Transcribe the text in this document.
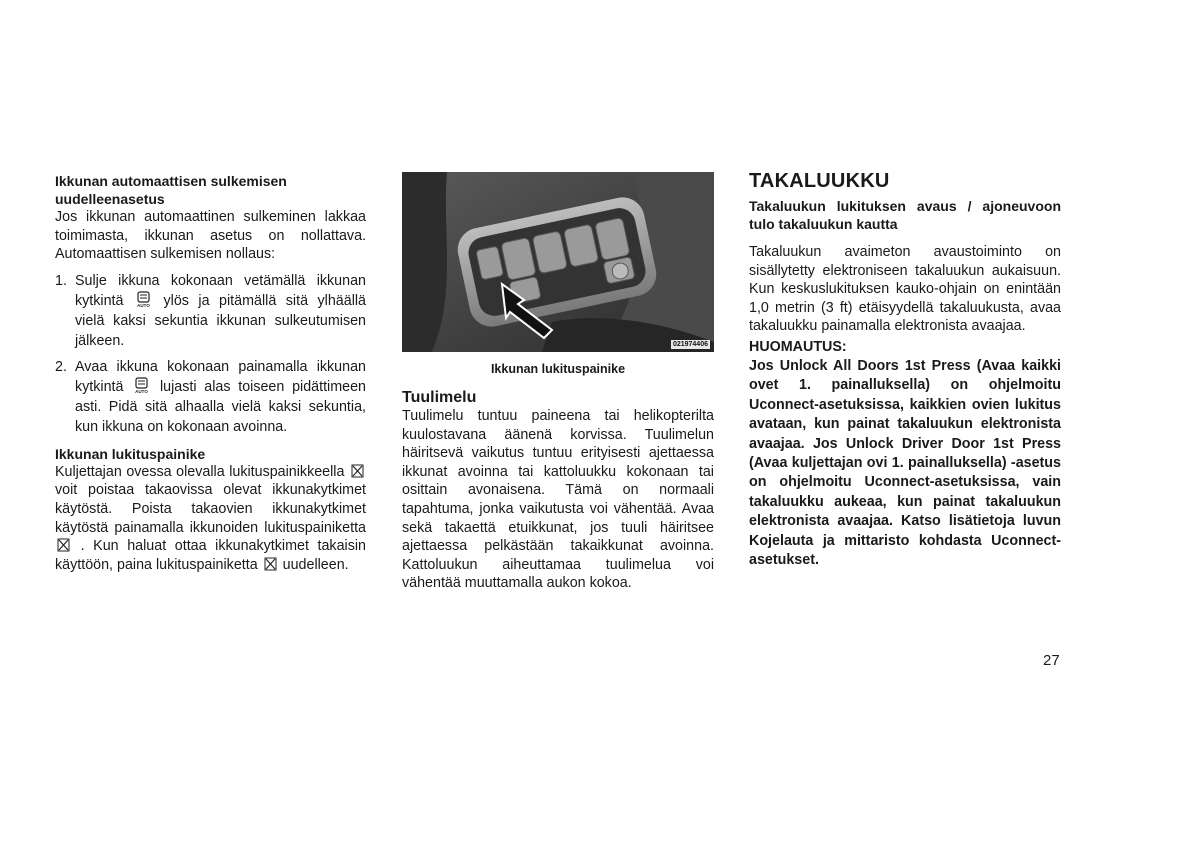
Ikkunan automaattisen sulkemisen uudelleenasetus

Jos ikkunan automaattinen sulkeminen lakkaa toimimasta, ikkunan asetus on nollattava. Automaattisen sulkemisen nollaus:

1. Sulje ikkuna kokonaan vetämällä ikkunan kytkintä	AUTO ylös ja pitämällä sitä ylhäällä vielä kaksi sekuntia ikkunan sulkeutumisen jälkeen.
2. Avaa ikkuna kokonaan painamalla ikkunan kytkintä	AUTO lujasti alas toiseen pidättimeen asti. Pidä sitä alhaalla vielä kaksi sekuntia, kun ikkuna on kokonaan avoinna.

Ikkunan lukituspainike

Kuljettajan ovessa olevalla lukituspainikkeella  voit poistaa takaovissa olevat ikkunakytkimet käytöstä. Poista takaovien ikkunakytkimet käytöstä painamalla ikkunoiden lukituspainiketta  . Kun haluat ottaa ikkunakytkimet takaisin käyttöön, paina lukituspainiketta uudelleen.

021974406
Ikkunan lukituspainike

Tuulimelu

Tuulimelu tuntuu paineena tai helikopterilta kuulostavana äänenä korvissa. Tuulimelun häiritsevä vaikutus tuntuu erityisesti ajettaessa ikkunat avoinna tai kattoluukku kokonaan tai osittain avonaisena. Tämä on normaali tapahtuma, jonka vaikutusta voi vähentää. Avaa sekä takaettä etuikkunat, jos tuuli häiritsee ajettaessa pelkästään takaikkunat avoinna. Kattoluukun aiheuttamaa tuulimelua voi vähentää muuttamalla aukon kokoa.

TAKALUUKKU

Takaluukun lukituksen avaus / ajoneuvoon tulo takaluukun kautta

Takaluukun avaimeton avaustoiminto on sisällytetty elektroniseen takaluukun aukaisuun. Kun keskuslukituksen kauko-ohjain on enintään 1,0 metrin (3 ft) etäisyydellä takaluukusta, avaa takaluukku painamalla elektronista avaajaa.

HUOMAUTUS:

Jos Unlock All Doors 1st Press (Avaa kaikki ovet 1. painalluksella) on ohjelmoitu Uconnect-asetuksissa, kaikkien ovien lukitus avataan, kun painat takaluukun elektronista avaajaa. Jos Unlock Driver Door 1st Press (Avaa kuljettajan ovi 1. painalluksella) -asetus on ohjelmoitu Uconnect-asetuksissa, vain takaluukku aukeaa, kun painat takaluukun elektronista avaajaa. Katso lisätietoja luvun Kojelauta ja mittaristo kohdasta Uconnect-asetukset.

27
